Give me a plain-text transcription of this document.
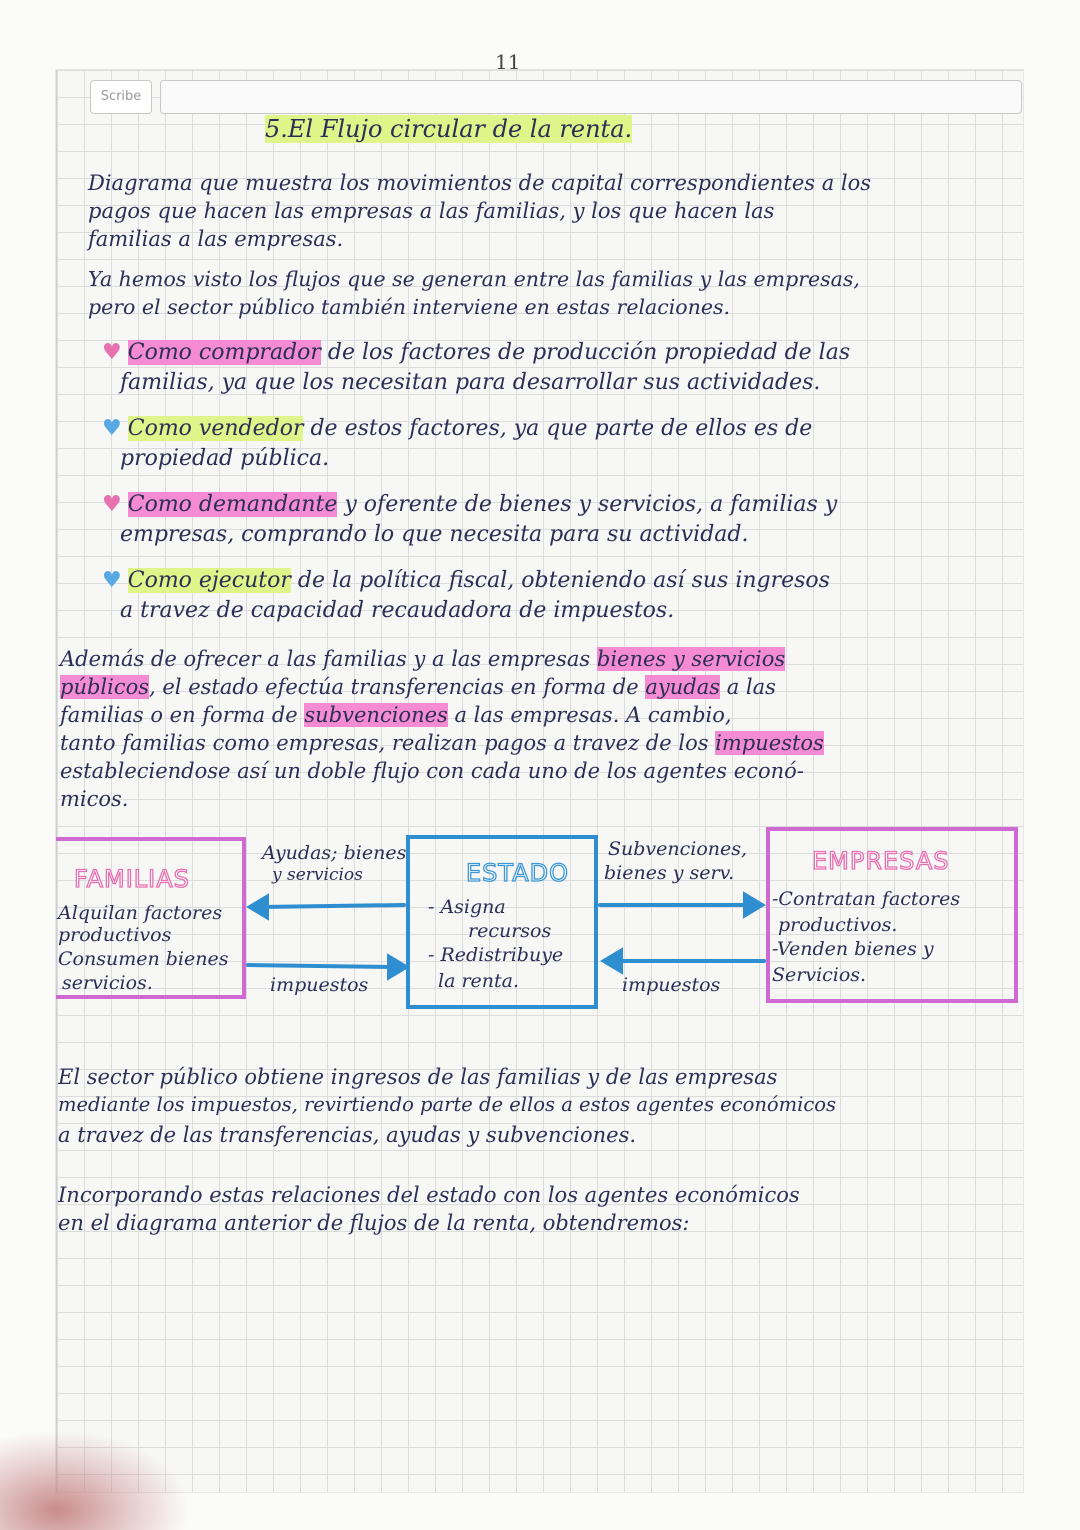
Scribe
11
5.El Flujo circular de la renta.
Diagrama que muestra los movimientos de capital correspondientes a los
pagos que hacen las empresas a las familias, y los que hacen las
familias a las empresas.
Ya hemos visto los flujos que se generan entre las familias y las empresas,
pero el sector público también interviene en estas relaciones.
♥ Como comprador de los factores de producción propiedad de las
familias, ya que los necesitan para desarrollar sus actividades.
♥ Como vendedor de estos factores, ya que parte de ellos es de
propiedad pública.
♥ Como demandante y oferente de bienes y servicios, a familias y
empresas, comprando lo que necesita para su actividad.
♥ Como ejecutor de la política fiscal, obteniendo así sus ingresos
a travez de capacidad recaudadora de impuestos.
Además de ofrecer a las familias y a las empresas bienes y servicios
públicos, el estado efectúa transferencias en forma de ayudas a las
familias o en forma de subvenciones a las empresas. A cambio,
tanto familias como empresas, realizan pagos a travez de los impuestos
estableciendose así un doble flujo con cada uno de los agentes econó-
micos.
FAMILIAS
Alquilan factores
productivos
Consumen bienes
servicios.
ESTADO
- Asigna
recursos
- Redistribuye
la renta.
EMPRESAS
-Contratan factores
productivos.
-Venden bienes y
Servicios.
Ayudas; bienes
y servicios
impuestos
Subvenciones,
bienes y serv.
impuestos
El sector público obtiene ingresos de las familias y de las empresas
mediante los impuestos, revirtiendo parte de ellos a estos agentes económicos
a travez de las transferencias, ayudas y subvenciones.
Incorporando estas relaciones del estado con los agentes económicos
en el diagrama anterior de flujos de la renta, obtendremos:
